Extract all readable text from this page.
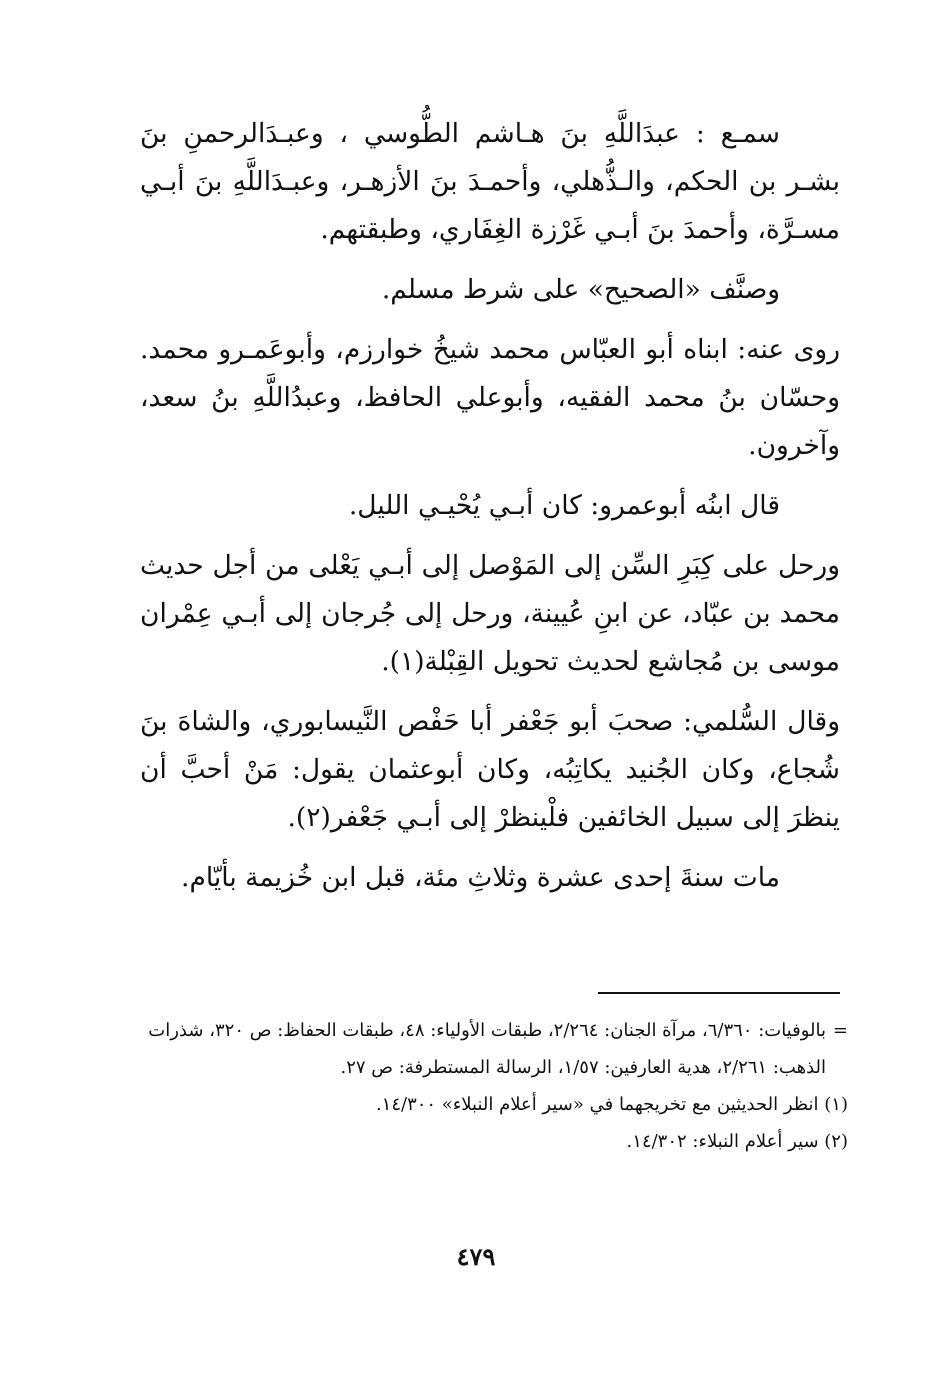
سمـع : عبدَاللَّهِ بنَ هـاشم الطُّوسي ، وعبـدَالرحمنِ بنَ بشـر بن الحكم، والـذُّهلي، وأحمـدَ بنَ الأزهـر، وعبـدَاللَّهِ بنَ أبـي مسـرَّة، وأحمدَ بنَ أبـي غَرْزة الغِفَاري، وطبقتهم.

وصنَّف «الصحيح» على شرط مسلم.

روى عنه: ابناه أبو العبّاس محمد شيخُ خوارزم، وأبوعَمـرو محمد. وحسّان بنُ محمد الفقيه، وأبوعلي الحافظ، وعبدُاللَّهِ بنُ سعد، وآخرون.

قال ابنُه أبوعمرو: كان أبـي يُحْيـي الليل.

ورحل على كِبَرِ السِّن إلى المَوْصل إلى أبـي يَعْلى من أجل حديث محمد بن عبّاد، عن ابنِ عُيينة، ورحل إلى جُرجان إلى أبـي عِمْران موسى بن مُجاشع لحديث تحويل القِبْلة(١).

وقال السُّلمي: صحبَ أبو جَعْفر أبا حَفْص النَّيسابوري، والشاهَ بنَ شُجاع، وكان الجُنيد يكاتِبُه، وكان أبوعثمان يقول: مَنْ أحبَّ أن ينظرَ إلى سبيل الخائفين فلْينظرْ إلى أبـي جَعْفر(٢).

مات سنةَ إحدى عشرة وثلاثِ مئة، قبل ابن خُزيمة بأيّام.

=
بالوفيات: ٦/٣٦٠، مرآة الجنان: ٢/٢٦٤، طبقات الأولياء: ٤٨، طبقات الحفاظ: ص ٣٢٠، شذرات الذهب: ٢/٢٦١، هدية العارفين: ١/٥٧، الرسالة المستطرفة: ص ٢٧.

(١) انظر الحديثين مع تخريجهما في «سير أعلام النبلاء» ١٤/٣٠٠.

(٢) سير أعلام النبلاء: ١٤/٣٠٢.

٤٧٩
